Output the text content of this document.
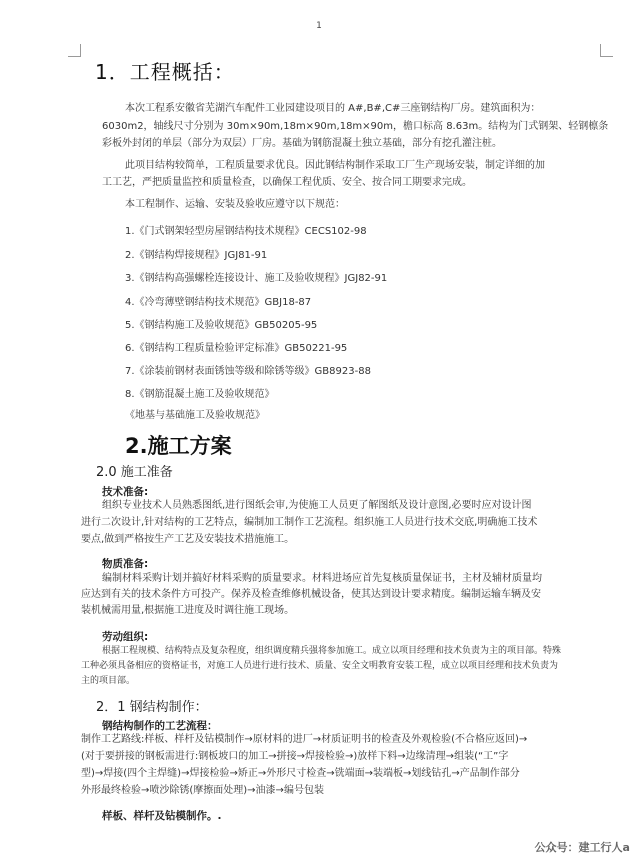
1
1．工程概括：
本次工程系安徽省芜湖汽车配件工业园建设项目的 A#,B#,C#三座钢结构厂房。建筑面积为：
6030m2，轴线尺寸分别为 30m×90m,18m×90m,18m×90m，檐口标高 8.63m。结构为门式钢架、轻钢檩条
彩板外封闭的单层（部分为双层）厂房。基础为钢筋混凝土独立基础，部分有挖孔灌注桩。
此项目结构较简单，工程质量要求优良。因此钢结构制作采取工厂生产现场安装，制定详细的加
工工艺，严把质量监控和质量检查，以确保工程优质、安全、按合同工期要求完成。
本工程制作、运输、安装及验收应遵守以下规范：
1.《门式钢架轻型房屋钢结构技术规程》CECS102-98
2.《钢结构焊接规程》JGJ81-91
3.《钢结构高强螺栓连接设计、施工及验收规程》JGJ82-91
4.《冷弯薄壁钢结构技术规范》GBJ18-87
5.《钢结构施工及验收规范》GB50205-95
6.《钢结构工程质量检验评定标准》GB50221-95
7.《涂装前钢材表面锈蚀等级和除锈等级》GB8923-88
8.《钢筋混凝土施工及验收规范》
《地基与基础施工及验收规范》
2.施工方案
2.0 施工准备
技术准备:
组织专业技术人员熟悉图纸,进行图纸会审,为使施工人员更了解图纸及设计意图,必要时应对设计图
进行二次设计,针对结构的工艺特点，编制加工制作工艺流程。组织施工人员进行技术交底,明确施工技术
要点,做到严格按生产工艺及安装技术措施施工。
物质准备:
编制材料采购计划并搞好材料采购的质量要求。材料进场应首先复核质量保证书，主材及辅材质量均
应达到有关的技术条件方可投产。保养及检查维修机械设备，使其达到设计要求精度。编制运输车辆及安
装机械需用量,根据施工进度及时调往施工现场。
劳动组织:
根据工程规模、结构特点及复杂程度，组织调度精兵强将参加施工。成立以项目经理和技术负责为主的项目部。特殊
工种必须具备相应的资格证书，对施工人员进行进行技术、质量、安全文明教育安装工程，成立以项目经理和技术负责为
主的项目部。
2．1 钢结构制作：
钢结构制作的工艺流程：
制作工艺路线:样板、样杆及钻模制作→原材料的进厂→材质证明书的检查及外观检验(不合格应返回)→
(对于要拼接的钢板需进行:钢板坡口的加工→拼接→焊接检验→)放样下料→边缘清理→组装(“工”字
型)→焊接(四个主焊缝)→焊接检验→矫正→外形尺寸检查→铣端面→装端板→划线钻孔→产品制作部分
外形最终检验→喷沙除锈(摩擦面处理)→油漆→编号包装
样板、样杆及钻模制作。.
公众号：建工行人a
